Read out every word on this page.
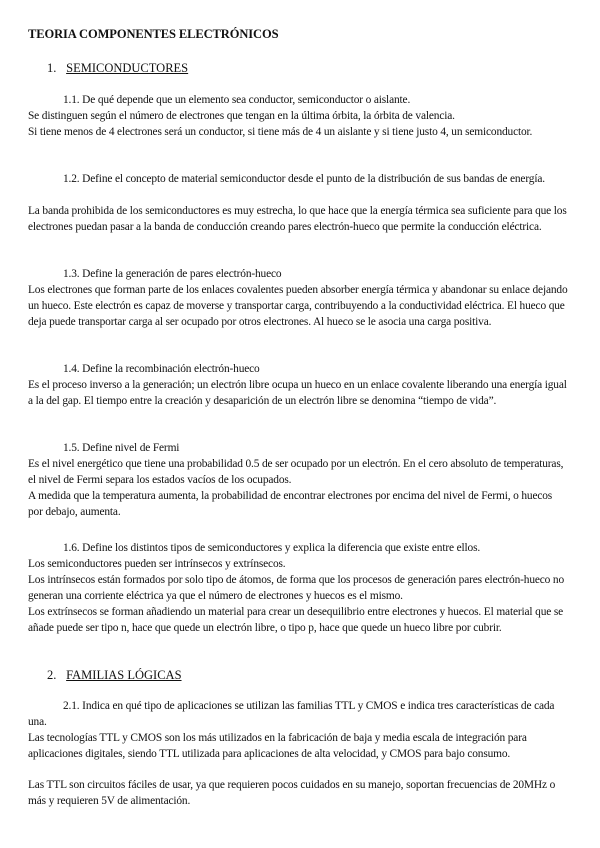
TEORIA COMPONENTES ELECTRÓNICOS
1. SEMICONDUCTORES
1.1. De qué depende que un elemento sea conductor, semiconductor o aislante.
Se distinguen según el número de electrones que tengan en la última órbita, la órbita de valencia.
Si tiene menos de 4 electrones será un conductor, si tiene más de 4 un aislante y si tiene justo 4, un semiconductor.
1.2. Define el concepto de material semiconductor desde el punto de la distribución de sus bandas de energía.
La banda prohibida de los semiconductores es muy estrecha, lo que hace que la energía térmica sea suficiente para que los electrones puedan pasar a la banda de conducción creando pares electrón-hueco que permite la conducción eléctrica.
1.3. Define la generación de pares electrón-hueco
Los electrones que forman parte de los enlaces covalentes pueden absorber energía térmica y abandonar su enlace dejando un hueco. Este electrón es capaz de moverse y transportar carga, contribuyendo a la conductividad eléctrica. El hueco que deja puede transportar carga al ser ocupado por otros electrones. Al hueco se le asocia una carga positiva.
1.4. Define la recombinación electrón-hueco
Es el proceso inverso a la generación; un electrón libre ocupa un hueco en un enlace covalente liberando una energía igual a la del gap. El tiempo entre la creación y desaparición de un electrón libre se denomina “tiempo de vida”.
1.5. Define nivel de Fermi
Es el nivel energético que tiene una probabilidad 0.5 de ser ocupado por un electrón. En el cero absoluto de temperaturas, el nivel de Fermi separa los estados vacíos de los ocupados.
A medida que la temperatura aumenta, la probabilidad de encontrar electrones por encima del nivel de Fermi, o huecos por debajo, aumenta.
1.6. Define los distintos tipos de semiconductores y explica la diferencia que existe entre ellos.
Los semiconductores pueden ser intrínsecos y extrínsecos.
Los intrínsecos están formados por solo tipo de átomos, de forma que los procesos de generación pares electrón-hueco no generan una corriente eléctrica ya que el número de electrones y huecos es el mismo.
Los extrínsecos se forman añadiendo un material para crear un desequilibrio entre electrones y huecos. El material que se añade puede ser tipo n, hace que quede un electrón libre, o tipo p, hace que quede un hueco libre por cubrir.
2. FAMILIAS LÓGICAS
2.1. Indica en qué tipo de aplicaciones se utilizan las familias TTL y CMOS e indica tres características de cada una.
Las tecnologías TTL y CMOS son los más utilizados en la fabricación de baja y media escala de integración para aplicaciones digitales, siendo TTL utilizada para aplicaciones de alta velocidad, y CMOS para bajo consumo.
Las TTL son circuitos fáciles de usar, ya que requieren pocos cuidados en su manejo, soportan frecuencias de 20MHz o más y requieren 5V de alimentación.
